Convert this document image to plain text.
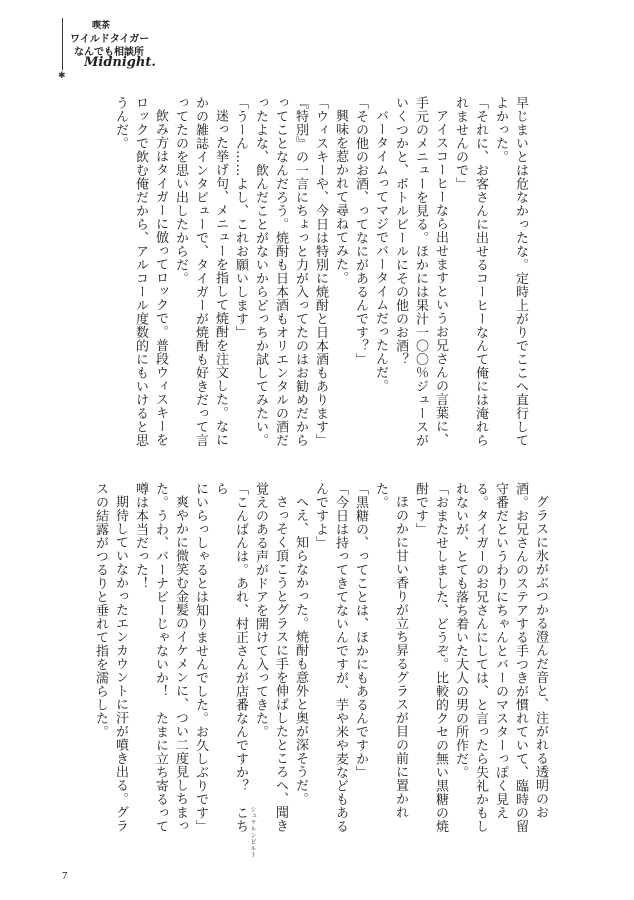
✱
喫茶
ワイルドタイガー
なんでも相談所
Midnight.

早じまいとは危なかったな。定時上がりでここへ直行してよかった。

「それに、お客さんに出せるコーヒーなんて俺には淹れられませんので」

アイスコーヒーなら出せますというお兄さんの言葉に、手元のメニューを見る。ほかには果汁一〇〇％ジュースがいくつかと、ボトルビールにその他のお酒？

バータイムってマジでバータイムだったんだ。

「その他のお酒、ってなにがあるんです？」

興味を惹かれて尋ねてみた。

「ウィスキーや、今日は特別に焼酎と日本酒もあります」

『特別』の一言にちょっと力が入ってたのはお勧めだからってことなんだろう。焼酎も日本酒もオリエンタルの酒だったよな、飲んだことがないからどっちか試してみたい。

「うーん……よし、これお願いします」

迷った挙げ句、メニューを指して焼酎を注文した。なにかの雑誌インタビューで、タイガーが焼酎も好きだって言ってたのを思い出したからだ。

飲み方はタイガーに倣ってロックで。普段ウィスキーをロックで飲む俺だから、アルコール度数的にもいけると思うんだ。

グラスに氷がぶつかる澄んだ音と、注がれる透明のお酒。お兄さんのステアする手つきが慣れていて、臨時の留守番だというわりにちゃんとバーのマスターっぽく見える。タイガーのお兄さんにしては、と言ったら失礼かもしれないが、とても落ち着いた大人の男の所作だ。

「おまたせしました、どうぞ。比較的クセの無い黒糖の焼酎です」

ほのかに甘い香りが立ち昇るグラスが目の前に置かれた。

「黒糖の、ってことは、ほかにもあるんですか」

「今日は持ってきてないんですが、芋や米や麦などもあるんですよ」

へえ、知らなかった。焼酎も意外と奥が深そうだ。

さっそく頂こうとグラスに手を伸ばしたところへ、聞き覚えのある声がドアを開けて入ってきた。

「こんばんは。あれ、村正さんが店番なんですか？　こちら
シュテルンビルト
にいらっしゃるとは知りませんでした。お久しぶりです」

爽やかに微笑む金髪のイケメンに、つい二度見しちまった。うわ、バーナビーじゃないか！　たまに立ち寄るって噂は本当だった！

期待していなかったエンカウントに汗が噴き出る。グラスの結露がつるりと垂れて指を濡らした。

7
